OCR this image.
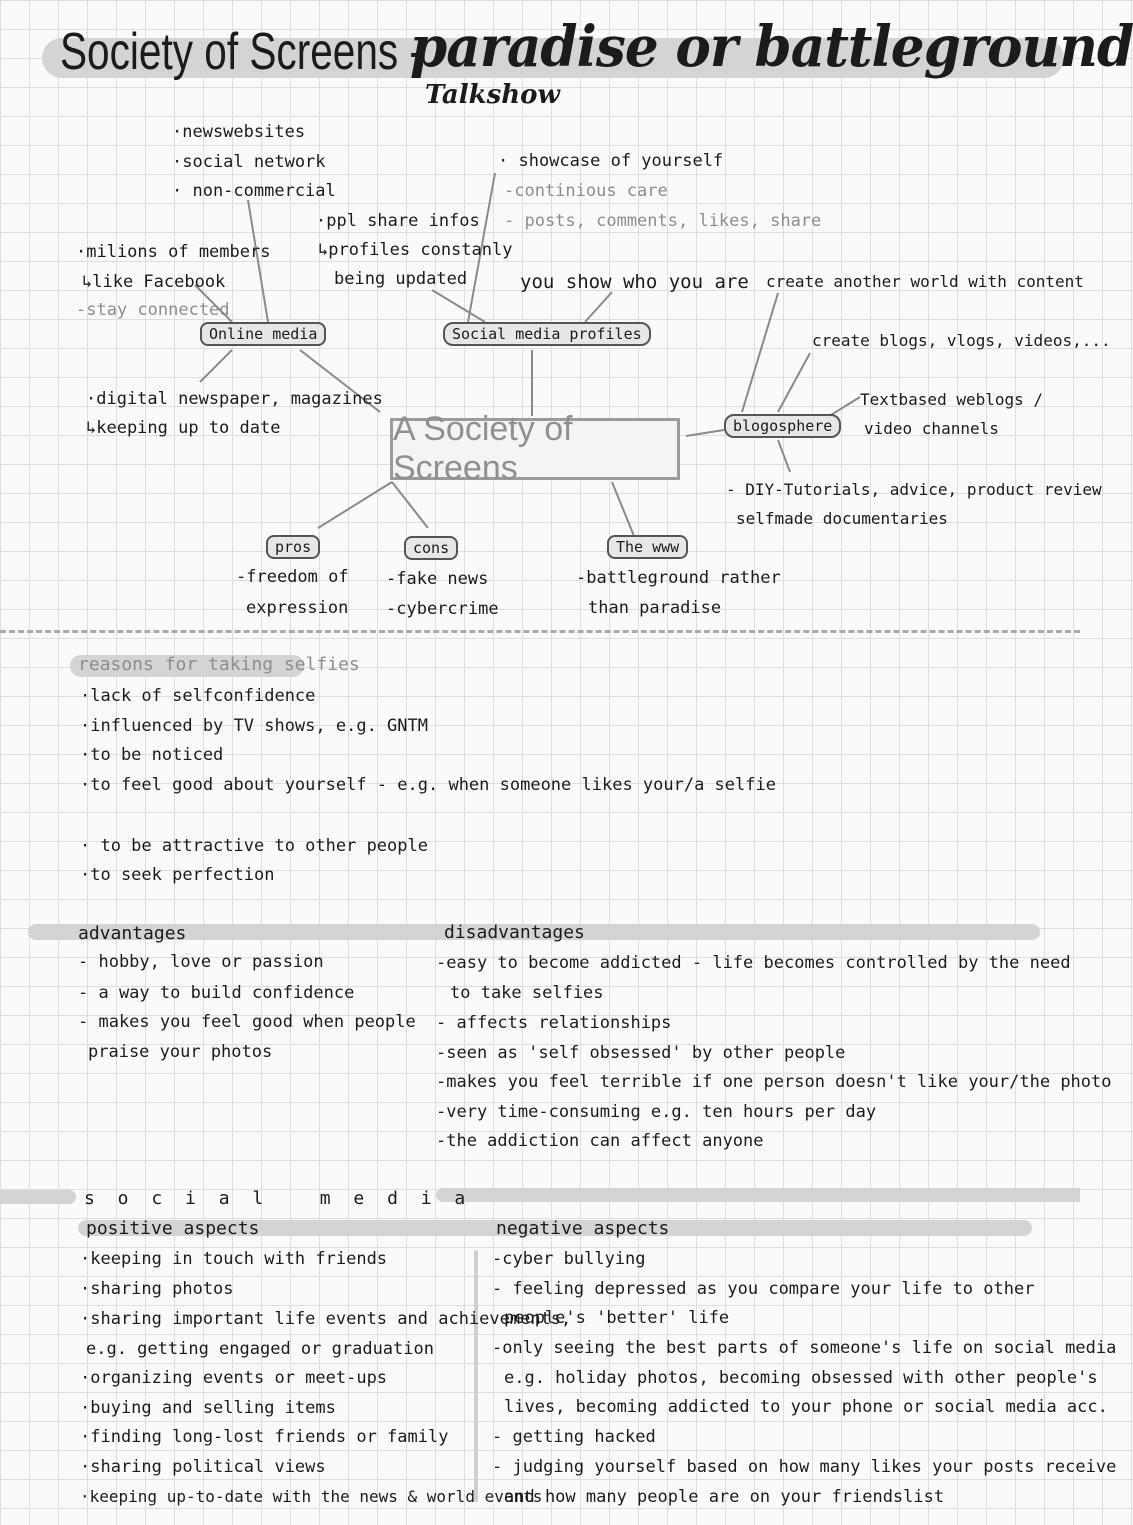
Society of Screens -
paradise or battleground
Talkshow
A Society of Screens
Online media
·newswebsites
·social network
· non-commercial
·milions of members
↳like Facebook
-stay connected
·digital newspaper, magazines
↳keeping up to date
Social media profiles
·ppl share infos
↳profiles constanly
being updated
· showcase of yourself
-continious care
- posts, comments, likes, share
you show who you are
blogosphere
create another world with content
create blogs, vlogs, videos,...
Textbased weblogs /
video channels
- DIY-Tutorials, advice, product review
selfmade documentaries
pros
-freedom of
expression
cons
-fake news
-cybercrime
The www
-battleground rather
than paradise
reasons for taking selfies
·lack of selfconfidence
·influenced by TV shows, e.g. GNTM
·to be noticed
·to feel good about yourself - e.g. when someone likes your/a selfie
· to be attractive to other people
·to seek perfection
advantages
- hobby, love or passion
- a way to build confidence
- makes you feel good when people
praise your photos
disadvantages
-easy to become addicted - life becomes controlled by the need
to take selfies
- affects relationships
-seen as 'self obsessed' by other people
-makes you feel terrible if one person doesn't like your/the photo
-very time-consuming e.g. ten hours per day
-the addiction can affect anyone
s o c i a l   m e d i a
positive aspects	negative aspects
·keeping in touch with friends
·sharing photos
·sharing important life events and achievements,
e.g. getting engaged or graduation
·organizing events or meet-ups
·buying and selling items
·finding long-lost friends or family
·sharing political views
·keeping up-to-date with the news & world events
-cyber bullying
- feeling depressed as you compare your life to other
people's 'better' life
-only seeing the best parts of someone's life on social media
e.g. holiday photos, becoming obsessed with other people's
lives, becoming addicted to your phone or social media acc.
- getting hacked
- judging yourself based on how many likes your posts receive
and how many people are on your friendslist
